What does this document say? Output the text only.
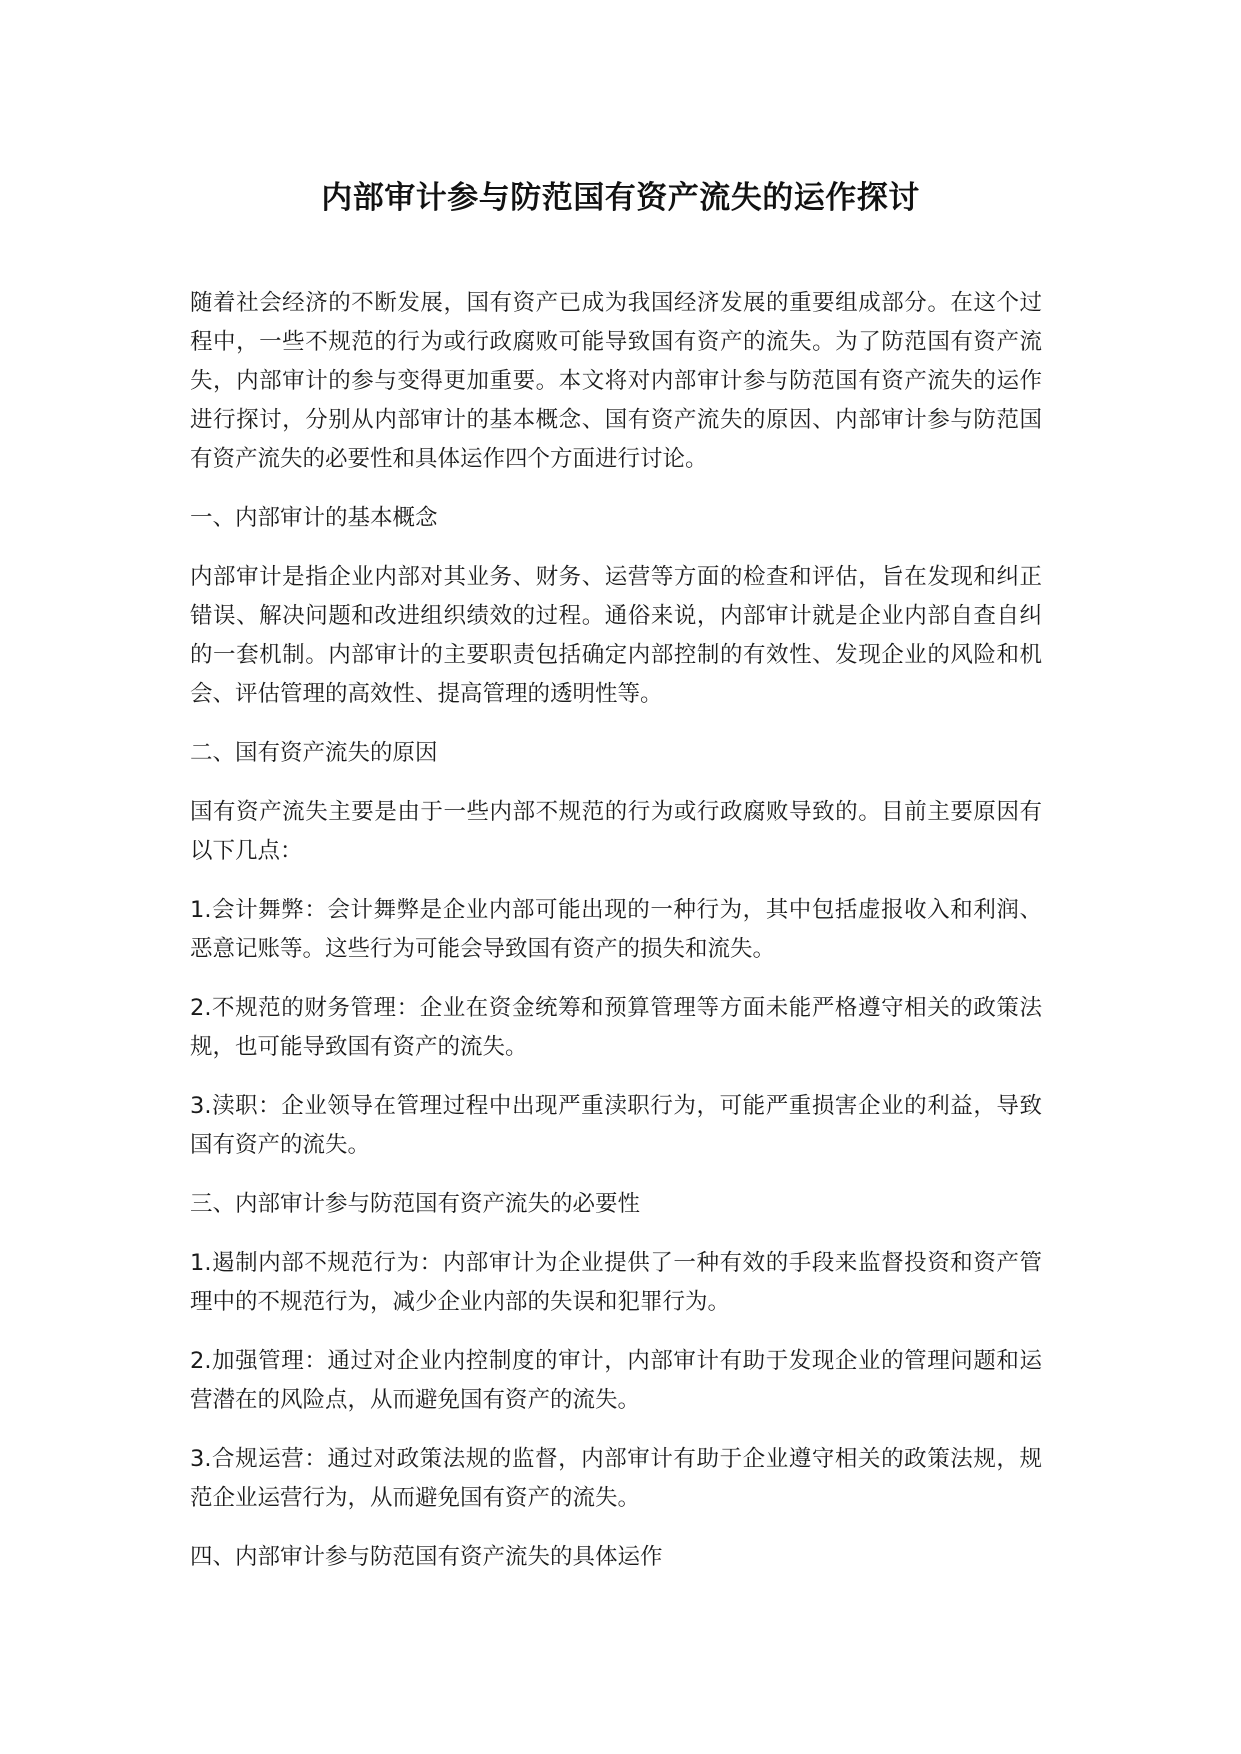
内部审计参与防范国有资产流失的运作探讨

随着社会经济的不断发展，国有资产已成为我国经济发展的重要组成部分。在这个过程中，一些不规范的行为或行政腐败可能导致国有资产的流失。为了防范国有资产流失，内部审计的参与变得更加重要。本文将对内部审计参与防范国有资产流失的运作进行探讨，分别从内部审计的基本概念、国有资产流失的原因、内部审计参与防范国有资产流失的必要性和具体运作四个方面进行讨论。

一、内部审计的基本概念

内部审计是指企业内部对其业务、财务、运营等方面的检查和评估，旨在发现和纠正错误、解决问题和改进组织绩效的过程。通俗来说，内部审计就是企业内部自查自纠的一套机制。内部审计的主要职责包括确定内部控制的有效性、发现企业的风险和机会、评估管理的高效性、提高管理的透明性等。

二、国有资产流失的原因

国有资产流失主要是由于一些内部不规范的行为或行政腐败导致的。目前主要原因有以下几点：

1.会计舞弊：会计舞弊是企业内部可能出现的一种行为，其中包括虚报收入和利润、恶意记账等。这些行为可能会导致国有资产的损失和流失。

2.不规范的财务管理：企业在资金统筹和预算管理等方面未能严格遵守相关的政策法规，也可能导致国有资产的流失。

3.渎职：企业领导在管理过程中出现严重渎职行为，可能严重损害企业的利益，导致国有资产的流失。

三、内部审计参与防范国有资产流失的必要性

1.遏制内部不规范行为：内部审计为企业提供了一种有效的手段来监督投资和资产管理中的不规范行为，减少企业内部的失误和犯罪行为。

2.加强管理：通过对企业内控制度的审计，内部审计有助于发现企业的管理问题和运营潜在的风险点，从而避免国有资产的流失。

3.合规运营：通过对政策法规的监督，内部审计有助于企业遵守相关的政策法规，规范企业运营行为，从而避免国有资产的流失。

四、内部审计参与防范国有资产流失的具体运作
